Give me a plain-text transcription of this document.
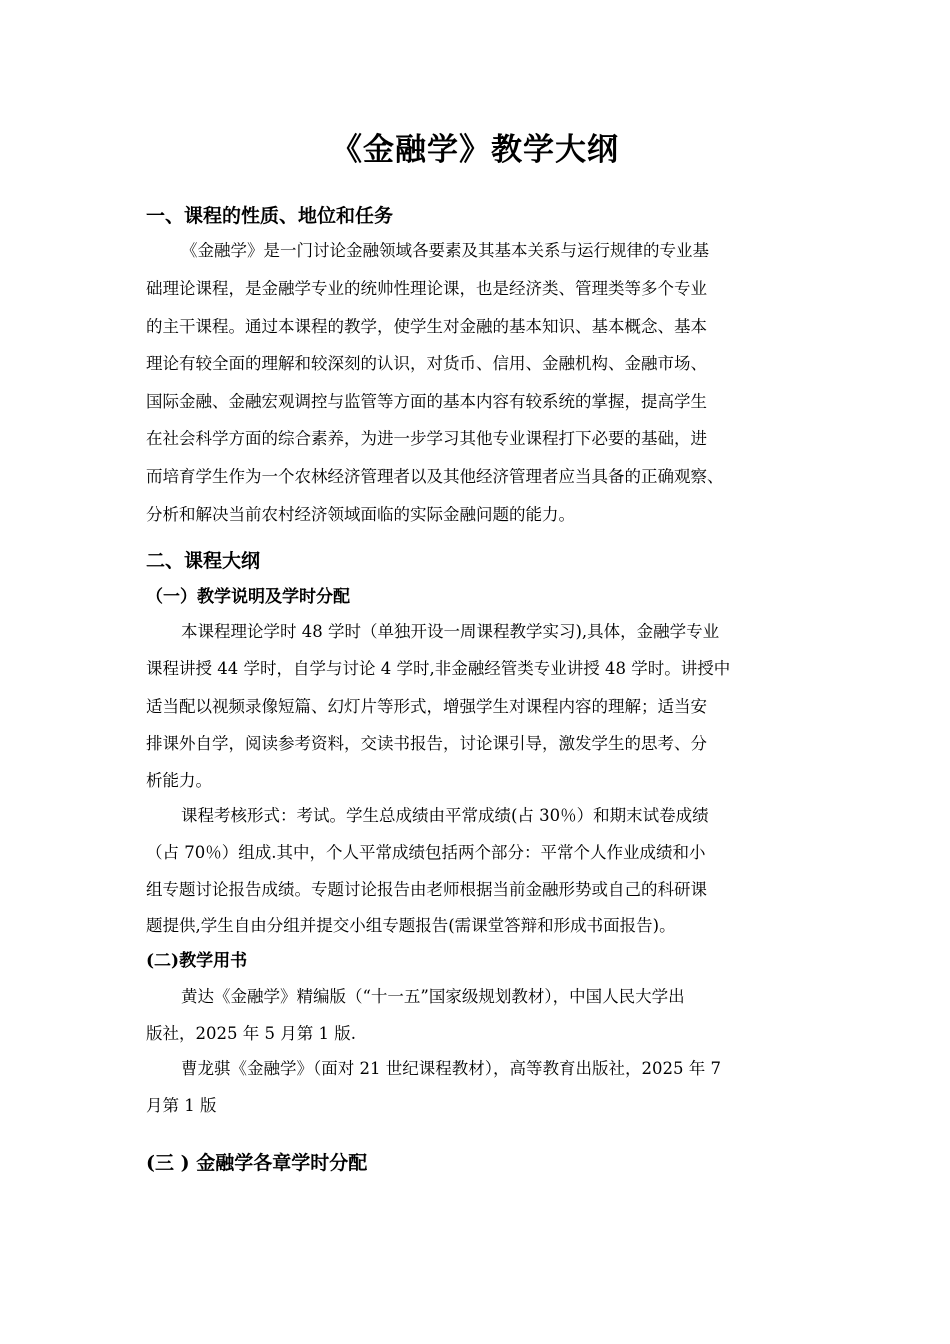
《金融学》教学大纲
一、课程的性质、地位和任务
《金融学》是一门讨论金融领域各要素及其基本关系与运行规律的专业基
础理论课程，是金融学专业的统帅性理论课，也是经济类、管理类等多个专业
的主干课程。通过本课程的教学，使学生对金融的基本知识、基本概念、基本
理论有较全面的理解和较深刻的认识，对货币、信用、金融机构、金融市场、
国际金融、金融宏观调控与监管等方面的基本内容有较系统的掌握，提高学生
在社会科学方面的综合素养，为进一步学习其他专业课程打下必要的基础，进
而培育学生作为一个农林经济管理者以及其他经济管理者应当具备的正确观察、
分析和解决当前农村经济领域面临的实际金融问题的能力。
二、课程大纲
（一）教学说明及学时分配
本课程理论学时 48 学时（单独开设一周课程教学实习),具体，金融学专业
课程讲授 44 学时，自学与讨论 4 学时,非金融经管类专业讲授 48 学时。讲授中
适当配以视频录像短篇、幻灯片等形式，增强学生对课程内容的理解；适当安
排课外自学，阅读参考资料，交读书报告，讨论课引导，激发学生的思考、分
析能力。
课程考核形式：考试。学生总成绩由平常成绩(占 30％）和期末试卷成绩
（占 70％）组成.其中，个人平常成绩包括两个部分：平常个人作业成绩和小
组专题讨论报告成绩。专题讨论报告由老师根据当前金融形势或自己的科研课
题提供,学生自由分组并提交小组专题报告(需课堂答辩和形成书面报告)。
(二)教学用书
黄达《金融学》精编版（“十一五”国家级规划教材），中国人民大学出
版社，2025 年 5 月第 1 版.
曹龙骐《金融学》（面对 21 世纪课程教材），高等教育出版社，2025 年 7
月第 1 版
(三 ) 金融学各章学时分配
